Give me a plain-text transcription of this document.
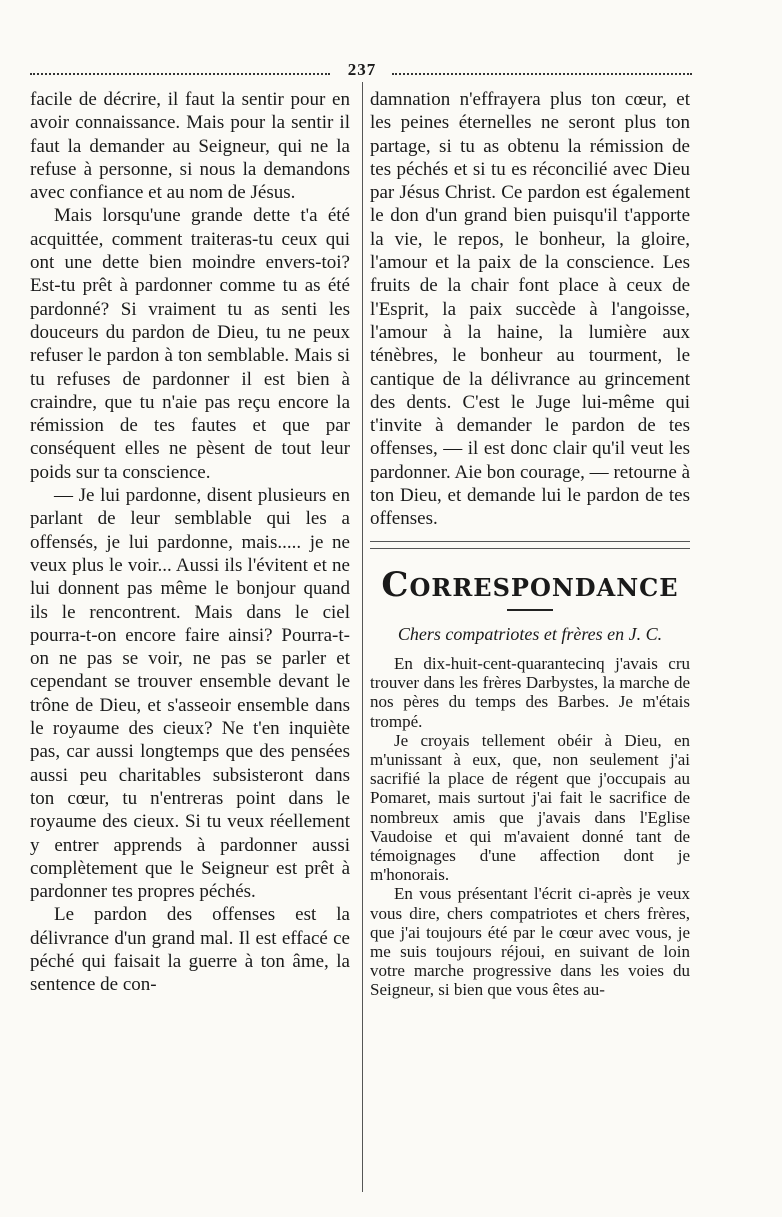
237

facile de décrire, il faut la sentir pour en avoir connaissance. Mais pour la sentir il faut la demander au Seigneur, qui ne la refuse à personne, si nous la demandons avec confiance et au nom de Jésus.

Mais lorsqu'une grande dette t'a été acquittée, comment traiteras-tu ceux qui ont une dette bien moindre envers-toi? Est-tu prêt à pardonner comme tu as été pardonné? Si vraiment tu as senti les douceurs du pardon de Dieu, tu ne peux refuser le pardon à ton semblable. Mais si tu refuses de pardonner il est bien à craindre, que tu n'aie pas reçu encore la rémission de tes fautes et que par conséquent elles ne pèsent de tout leur poids sur ta conscience.

— Je lui pardonne, disent plusieurs en parlant de leur semblable qui les a offensés, je lui pardonne, mais..... je ne veux plus le voir... Aussi ils l'évitent et ne lui donnent pas même le bonjour quand ils le rencontrent. Mais dans le ciel pourra-t-on encore faire ainsi? Pourra-t-on ne pas se voir, ne pas se parler et cependant se trouver ensemble devant le trône de Dieu, et s'asseoir ensemble dans le royaume des cieux? Ne t'en inquiète pas, car aussi longtemps que des pensées aussi peu charitables subsisteront dans ton cœur, tu n'entreras point dans le royaume des cieux. Si tu veux réellement y entrer apprends à pardonner aussi complètement que le Seigneur est prêt à pardonner tes propres péchés.

Le pardon des offenses est la délivrance d'un grand mal. Il est effacé ce péché qui faisait la guerre à ton âme, la sentence de con-

damnation n'effrayera plus ton cœur, et les peines éternelles ne seront plus ton partage, si tu as obtenu la rémission de tes péchés et si tu es réconcilié avec Dieu par Jésus Christ. Ce pardon est également le don d'un grand bien puisqu'il t'apporte la vie, le repos, le bonheur, la gloire, l'amour et la paix de la conscience. Les fruits de la chair font place à ceux de l'Esprit, la paix succède à l'angoisse, l'amour à la haine, la lumière aux ténèbres, le bonheur au tourment, le cantique de la délivrance au grincement des dents. C'est le Juge lui-même qui t'invite à demander le pardon de tes offenses, — il est donc clair qu'il veut les pardonner. Aie bon courage, — retourne à ton Dieu, et demande lui le pardon de tes offenses.

Correspondance
Chers compatriotes et frères en J. C.

En dix-huit-cent-quarantecinq j'avais cru trouver dans les frères Darbystes, la marche de nos pères du temps des Barbes. Je m'étais trompé.

Je croyais tellement obéir à Dieu, en m'unissant à eux, que, non seulement j'ai sacrifié la place de régent que j'occupais au Pomaret, mais surtout j'ai fait le sacrifice de nombreux amis que j'avais dans l'Eglise Vaudoise et qui m'avaient donné tant de témoignages d'une affection dont je m'honorais.

En vous présentant l'écrit ci-après je veux vous dire, chers compatriotes et chers frères, que j'ai toujours été par le cœur avec vous, je me suis toujours réjoui, en suivant de loin votre marche progressive dans les voies du Seigneur, si bien que vous êtes au-
